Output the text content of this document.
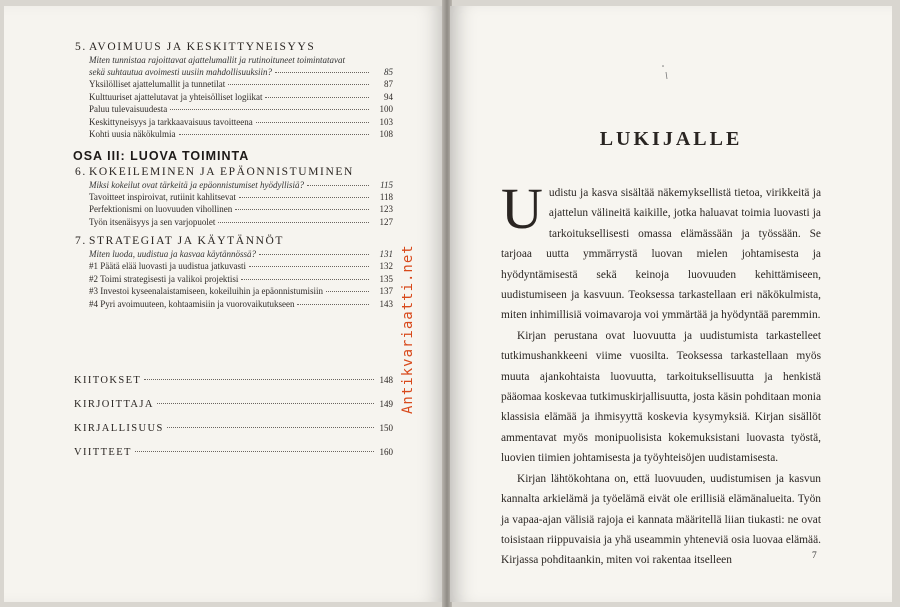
5. AVOIMUUS JA KESKITTYNEISYYS
Miten tunnistaa rajoittavat ajattelumallit ja rutinoituneet toimintatavat
sekä suhtautua avoimesti uusiin mahdollisuuksiin?	85
Yksilölliset ajattelumallit ja tunnetilat	87
Kulttuuriset ajattelutavat ja yhteisölliset logiikat	94
Paluu tulevaisuudesta	100
Keskittyneisyys ja tarkkaavaisuus tavoitteena	103
Kohti uusia näkökulmia	108
OSA III: LUOVA TOIMINTA
6. KOKEILEMINEN JA EPÄONNISTUMINEN
Miksi kokeilut ovat tärkeitä ja epäonnistumiset hyödyllisiä?	115
Tavoitteet inspiroivat, rutiinit kahlitsevat	118
Perfektionismi on luovuuden vihollinen	123
Työn itsenäisyys ja sen varjopuolet	127
7. STRATEGIAT JA KÄYTÄNNÖT
Miten luoda, uudistua ja kasvaa käytännössä?	131
#1 Päätä elää luovasti ja uudistua jatkuvasti	132
#2 Toimi strategisesti ja valikoi projektisi	135
#3 Investoi kyseenalaistamiseen, kokeiluihin ja epäonnistumisiin	137
#4 Pyri avoimuuteen, kohtaamisiin ja vuorovaikutukseen	143
KIITOKSET	148
KIRJOITTAJA	149
KIRJALLISUUS	150
VIITTEET	160
Antikvariaatti.net
LUKIJALLE

Uudistu ja kasva sisältää näkemyksellistä tietoa, virikkeitä ja ajattelun välineitä kaikille, jotka haluavat toimia luovasti ja tarkoituksellisesti omassa elämässään ja työssään. Se tarjoaa uutta ymmärrystä luovan mielen johtamisesta ja hyödyntämisestä sekä keinoja luovuuden kehittämiseen, uudistumiseen ja kasvuun. Teoksessa tarkastellaan eri näkökulmista, miten inhimillisiä voimavaroja voi ymmärtää ja hyödyntää paremmin.

Kirjan perustana ovat luovuutta ja uudistumista tarkastelleet tutkimushankkeeni viime vuosilta. Teoksessa tarkastellaan myös muuta ajankohtaista luovuutta, tarkoituksellisuutta ja henkistä pääomaa koskevaa tutkimuskirjallisuutta, josta käsin pohditaan monia klassisia elämää ja ihmisyyttä koskevia kysymyksiä. Kirjan sisällöt ammentavat myös monipuolisista kokemuksistani luovasta työstä, luovien tiimien johtamisesta ja työyhteisöjen uudistamisesta.

Kirjan lähtökohtana on, että luovuuden, uudistumisen ja kasvun kannalta arkielämä ja työelämä eivät ole erillisiä elämänalueita. Työn ja vapaa-ajan välisiä rajoja ei kannata määritellä liian tiukasti: ne ovat toisistaan riippuvaisia ja yhä useammin yhteneviä osia luovaa elämää. Kirjassa pohditaankin, miten voi rakentaa itselleen	7
